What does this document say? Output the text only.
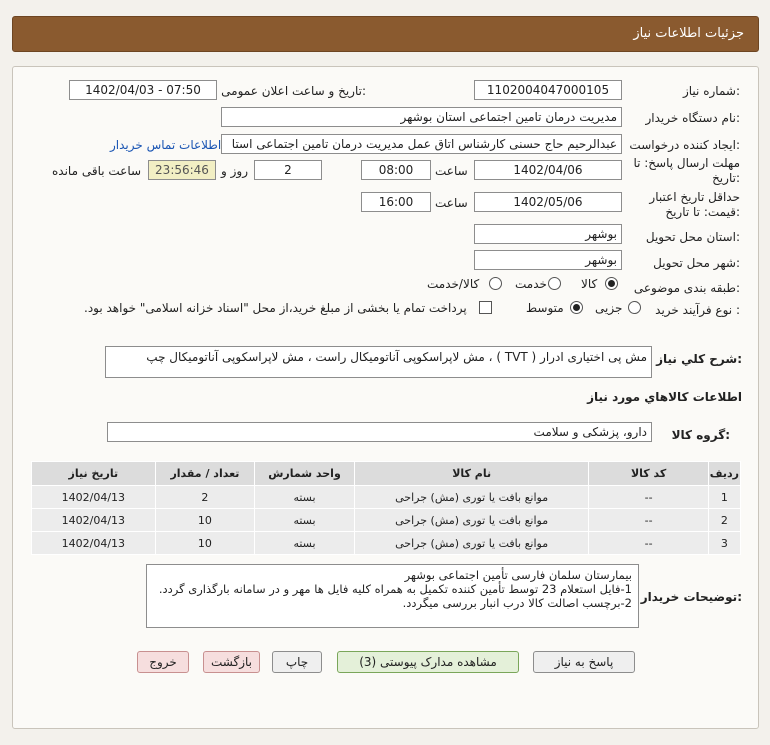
جزئیات اطلاعات نیاز
شماره نیاز:
1102004047000105
تاریخ و ساعت اعلان عمومی:
1402/04/03 - 07:50
نام دستگاه خریدار:
مدیریت درمان تامین اجتماعی استان بوشهر
ایجاد کننده درخواست:
عبدالرحیم حاج حسنی کارشناس اتاق عمل مدیریت درمان تامین اجتماعی استا
اطلاعات تماس خریدار
مهلت ارسال پاسخ: تا
تاریخ:
1402/04/06
ساعت
08:00
2
روز و
23:56:46
ساعت باقی مانده
حداقل تاریخ اعتبار
قیمت: تا تاریخ:
1402/05/06
ساعت
16:00
استان محل تحویل:
بوشهر
شهر محل تحویل:
بوشهر
طبقه بندی موضوعی:
کالا
خدمت
کالا/خدمت
نوع فرآیند خرید :
جزیی
متوسط
پرداخت تمام یا بخشی از مبلغ خرید،از محل "اسناد خزانه اسلامی" خواهد بود.
شرح کلي نياز:
مش پی اختیاری ادرار ( TVT ) ، مش لاپراسکوپی آناتومیکال راست ، مش لاپراسکوپی آناتومیکال چپ
اطلاعات کالاهاي مورد نياز
گروه کالا:
دارو، پزشکی و سلامت
ردیف	کد کالا	نام کالا	واحد شمارش	تعداد / مقدار	تاریخ نیاز
1	--	موانع بافت یا توری (مش) جراحی	بسته	2	1402/04/13
2	--	موانع بافت یا توری (مش) جراحی	بسته	10	1402/04/13
3	--	موانع بافت یا توری (مش) جراحی	بسته	10	1402/04/13
توضیحات خریدار:
بیمارستان سلمان فارسی تأمین اجتماعی بوشهر
1-فایل استعلام 23 توسط تأمین کننده تکمیل به همراه کلیه فایل ها مهر و در سامانه بارگذاری گردد.
2-برچسب اصالت کالا درب انبار بررسی میگردد.
پاسخ به نیاز
مشاهده مدارک پیوستی (3)
چاپ
بازگشت
خروج
